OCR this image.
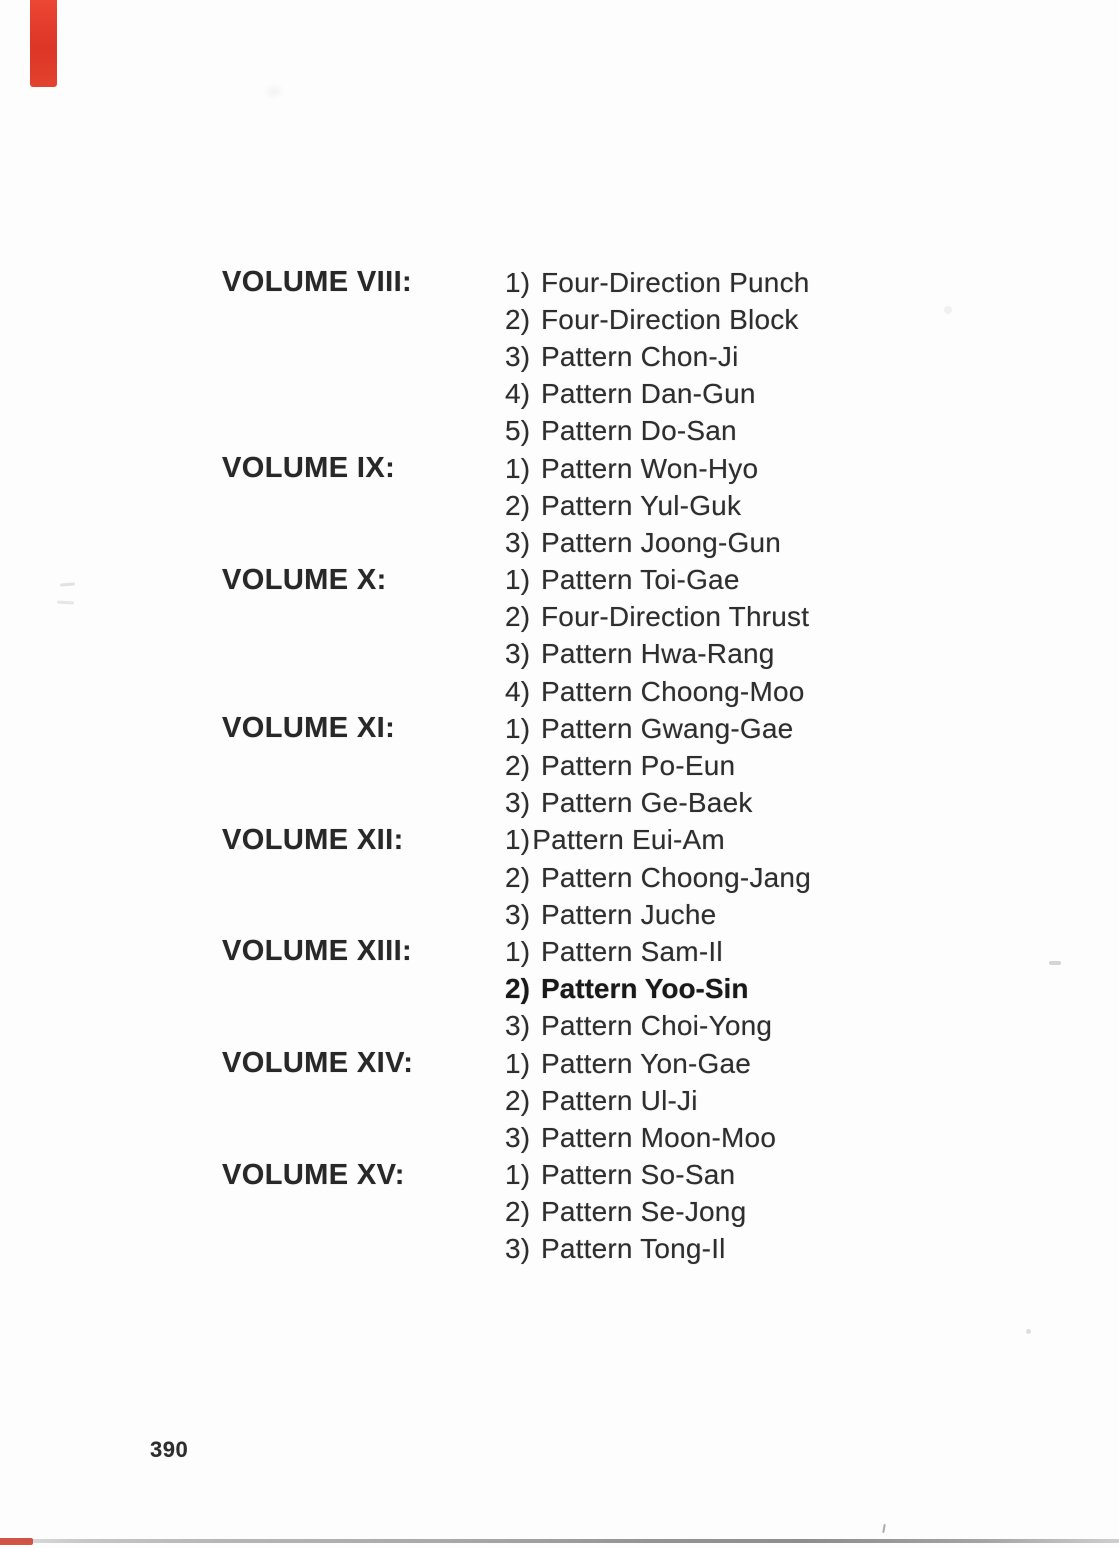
VOLUME VIII:	1) Four-Direction Punch
2) Four-Direction Block
3) Pattern Chon-Ji
4) Pattern Dan-Gun
5) Pattern Do-San
VOLUME IX:	1) Pattern Won-Hyo
2) Pattern Yul-Guk
3) Pattern Joong-Gun
VOLUME X:	1) Pattern Toi-Gae
2) Four-Direction Thrust
3) Pattern Hwa-Rang
4) Pattern Choong-Moo
VOLUME XI:	1) Pattern Gwang-Gae
2) Pattern Po-Eun
3) Pattern Ge-Baek
VOLUME XII:	1) Pattern Eui-Am
2) Pattern Choong-Jang
3) Pattern Juche
VOLUME XIII:	1) Pattern Sam-Il
2) Pattern Yoo-Sin
3) Pattern Choi-Yong
VOLUME XIV:	1) Pattern Yon-Gae
2) Pattern Ul-Ji
3) Pattern Moon-Moo
VOLUME XV:	1) Pattern So-San
2) Pattern Se-Jong
3) Pattern Tong-Il
390
